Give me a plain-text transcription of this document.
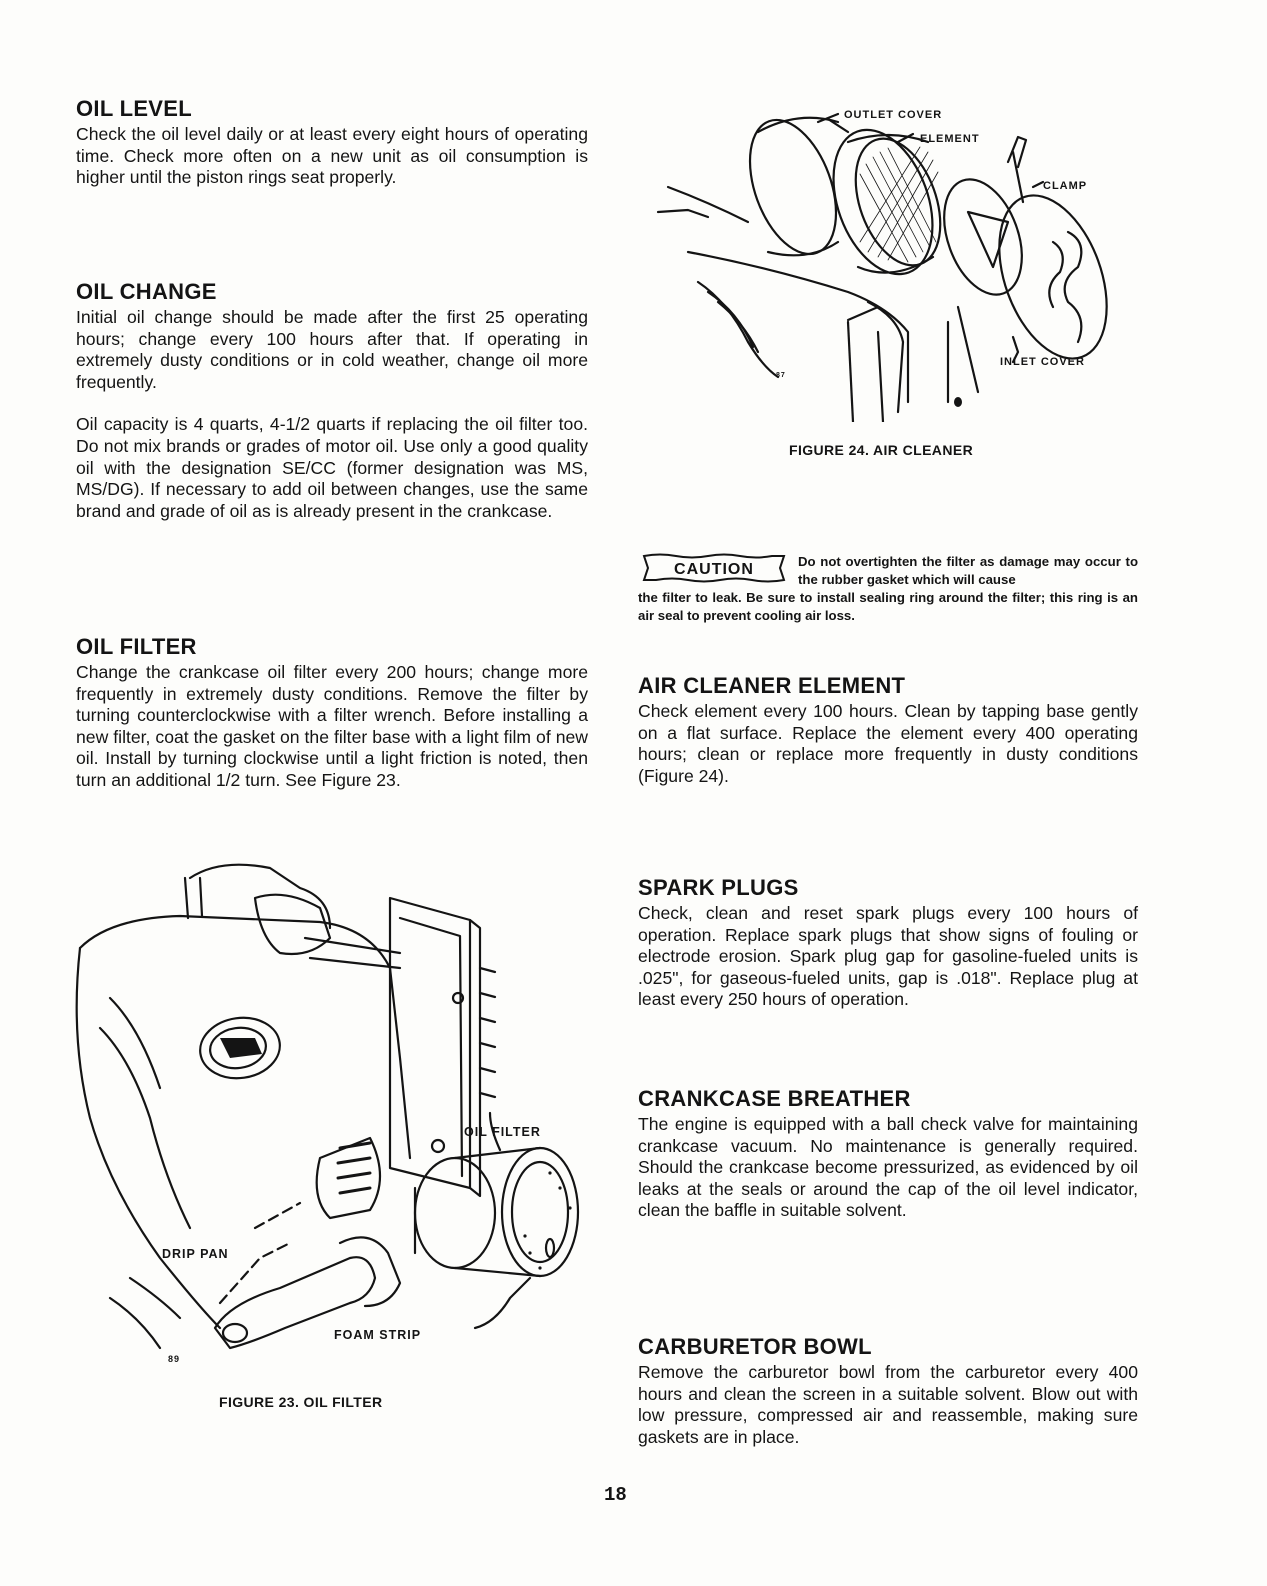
OIL LEVEL

Check the oil level daily or at least every eight hours of operating time. Check more often on a new unit as oil consumption is higher until the piston rings seat properly.

OIL CHANGE

Initial oil change should be made after the first 25 operating hours; change every 100 hours after that. If operating in extremely dusty conditions or in cold weather, change oil more frequently.

Oil capacity is 4 quarts, 4-1/2 quarts if replacing the oil filter too. Do not mix brands or grades of motor oil. Use only a good quality oil with the designation SE/CC (former designation was MS, MS/DG). If necessary to add oil between changes, use the same brand and grade of oil as is already present in the crankcase.

OIL FILTER

Change the crankcase oil filter every 200 hours; change more frequently in extremely dusty conditions. Remove the filter by turning counterclockwise with a filter wrench. Before installing a new filter, coat the gasket on the filter base with a light film of new oil. Install by turning clockwise until a light friction is noted, then turn an additional 1/2 turn. See Figure 23.

OIL FILTER
DRIP PAN
FOAM STRIP
89
FIGURE 23. OIL FILTER
OUTLET COVER
ELEMENT
CLAMP
INLET COVER
87
FIGURE 24. AIR CLEANER
CAUTION	Do not overtighten the filter as damage may occur to the rubber gasket which will cause
the filter to leak. Be sure to install sealing ring around the filter; this ring is an air seal to prevent cooling air loss.
AIR CLEANER ELEMENT

Check element every 100 hours. Clean by tapping base gently on a flat surface. Replace the element every 400 operating hours; clean or replace more frequently in dusty conditions (Figure 24).

SPARK PLUGS

Check, clean and reset spark plugs every 100 hours of operation. Replace spark plugs that show signs of fouling or electrode erosion. Spark plug gap for gasoline-fueled units is .025", for gaseous-fueled units, gap is .018". Replace plug at least every 250 hours of operation.

CRANKCASE BREATHER

The engine is equipped with a ball check valve for maintaining crankcase vacuum. No maintenance is generally required. Should the crankcase become pressurized, as evidenced by oil leaks at the seals or around the cap of the oil level indicator, clean the baffle in suitable solvent.

CARBURETOR BOWL

Remove the carburetor bowl from the carburetor every 400 hours and clean the screen in a suitable solvent. Blow out with low pressure, compressed air and reassemble, making sure gaskets are in place.

18
